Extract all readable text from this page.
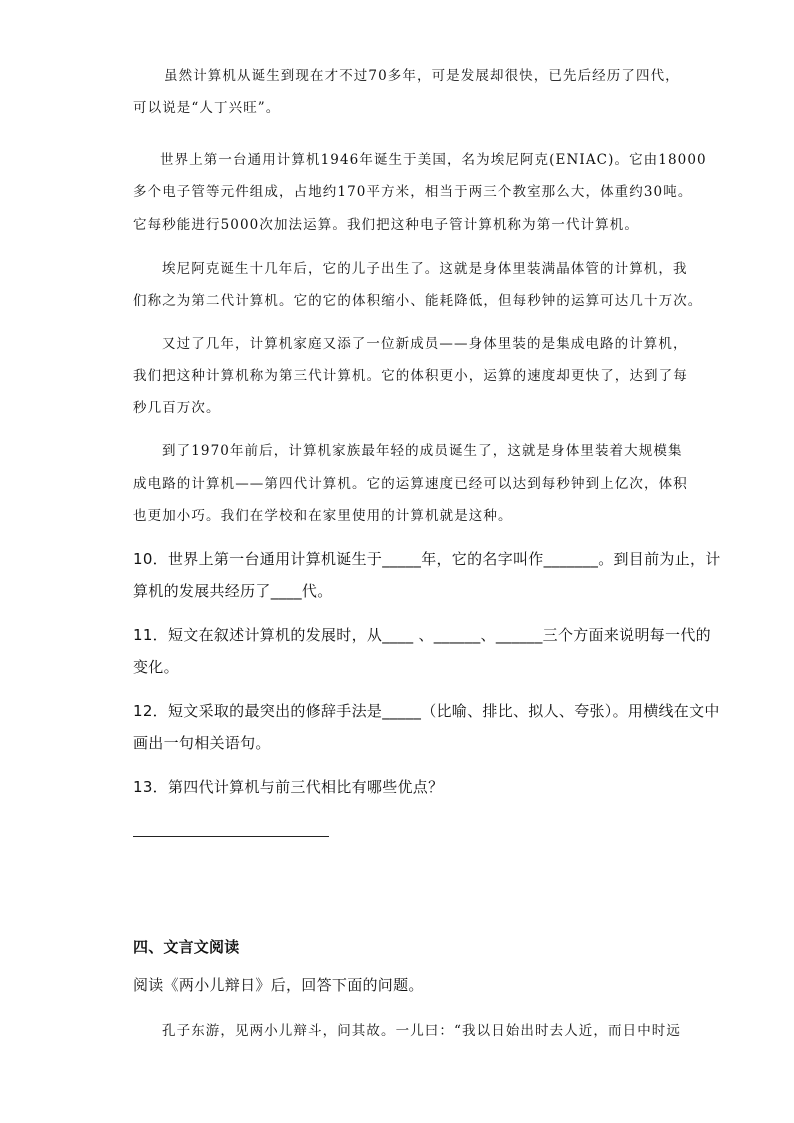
虽然计算机从诞生到现在才不过70多年，可是发展却很快，已先后经历了四代，
可以说是“人丁兴旺”。
世界上第一台通用计算机1946年诞生于美国，名为埃尼阿克(ENIAC)。它由18000
多个电子管等元件组成，占地约170平方米，相当于两三个教室那么大，体重约30吨。
它每秒能进行5000次加法运算。我们把这种电子管计算机称为第一代计算机。
埃尼阿克诞生十几年后，它的儿子出生了。这就是身体里装满晶体管的计算机，我
们称之为第二代计算机。它的它的体积缩小、能耗降低，但每秒钟的运算可达几十万次。
又过了几年，计算机家庭又添了一位新成员——身体里装的是集成电路的计算机，
我们把这种计算机称为第三代计算机。它的体积更小，运算的速度却更快了，达到了每
秒几百万次。
到了1970年前后，计算机家族最年轻的成员诞生了，这就是身体里装着大规模集
成电路的计算机——第四代计算机。它的运算速度已经可以达到每秒钟到上亿次，体积
也更加小巧。我们在学校和在家里使用的计算机就是这种。
10．世界上第一台通用计算机诞生于_____年，它的名字叫作_______。到目前为止，计
算机的发展共经历了____代。
11．短文在叙述计算机的发展时，从____ 、______、______三个方面来说明每一代的
变化。
12．短文采取的最突出的修辞手法是_____（比喻、排比、拟人、夸张）。用横线在文中
画出一句相关语句。
13．第四代计算机与前三代相比有哪些优点？
四、文言文阅读
阅读《两小儿辩日》后，回答下面的问题。
孔子东游，见两小儿辩斗，问其故。一儿曰：“我以日始出时去人近，而日中时远
